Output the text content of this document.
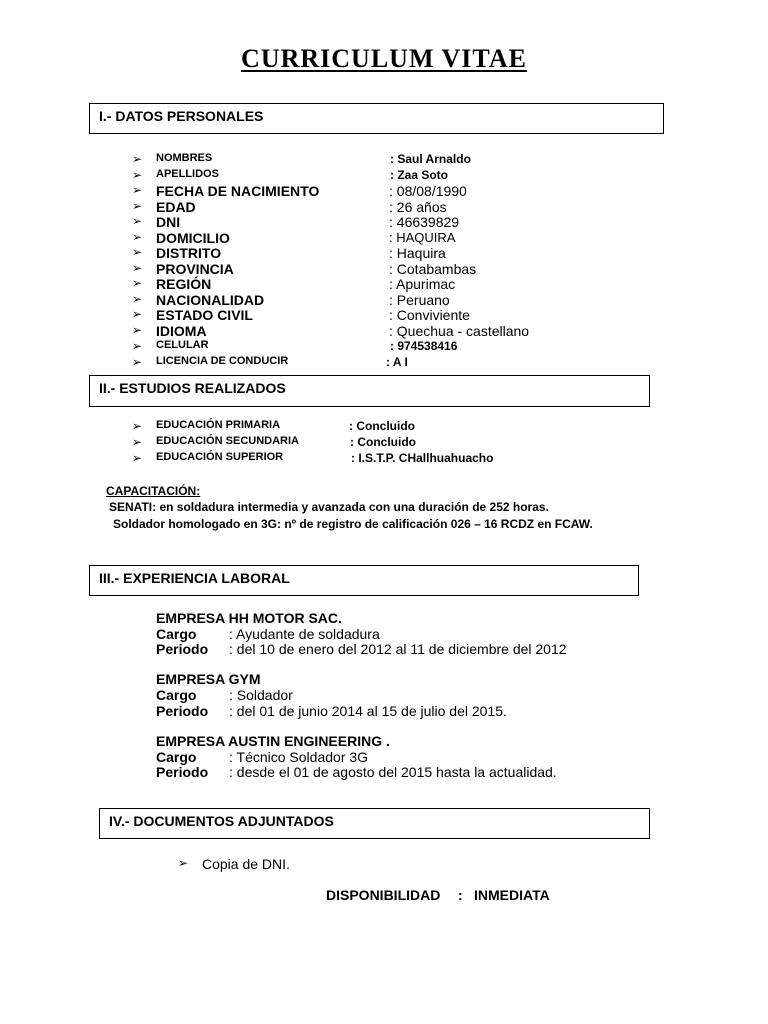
CURRICULUM VITAE
I.- DATOS PERSONALES
➢ NOMBRES	: Saul Arnaldo
➢ APELLIDOS	: Zaa Soto
➢ FECHA DE NACIMIENTO	: 08/08/1990
➢ EDAD	: 26 años
➢ DNI	: 46639829
➢ DOMICILIO	: HAQUIRA
➢ DISTRITO	: Haquira
➢ PROVINCIA	: Cotabambas
➢ REGIÓN	: Apurimac
➢ NACIONALIDAD	: Peruano
➢ ESTADO CIVIL	: Conviviente
➢ IDIOMA	: Quechua - castellano
➢ CELULAR	: 974538416
➢ LICENCIA DE CONDUCIR	: A I
II.- ESTUDIOS REALIZADOS
➢ EDUCACIÓN PRIMARIA	: Concluido
➢ EDUCACIÓN SECUNDARIA	: Concluido
➢ EDUCACIÓN SUPERIOR	: I.S.T.P. CHallhuahuacho
CAPACITACIÓN:
SENATI: en soldadura intermedia y avanzada con una duración de 252 horas.
Soldador homologado en 3G: nº de registro de calificación 026 – 16 RCDZ en FCAW.
III.- EXPERIENCIA LABORAL
EMPRESA HH MOTOR SAC.
Cargo : Ayudante de soldadura
Periodo : del 10 de enero del 2012 al 11 de diciembre del 2012
EMPRESA GYM
Cargo : Soldador
Periodo : del 01 de junio 2014 al 15 de julio del 2015.
EMPRESA AUSTIN ENGINEERING .
Cargo : Técnico Soldador 3G
Periodo : desde el 01 de agosto del 2015 hasta la actualidad.
IV.- DOCUMENTOS ADJUNTADOS
➢ Copia de DNI.
DISPONIBILIDAD : INMEDIATA
